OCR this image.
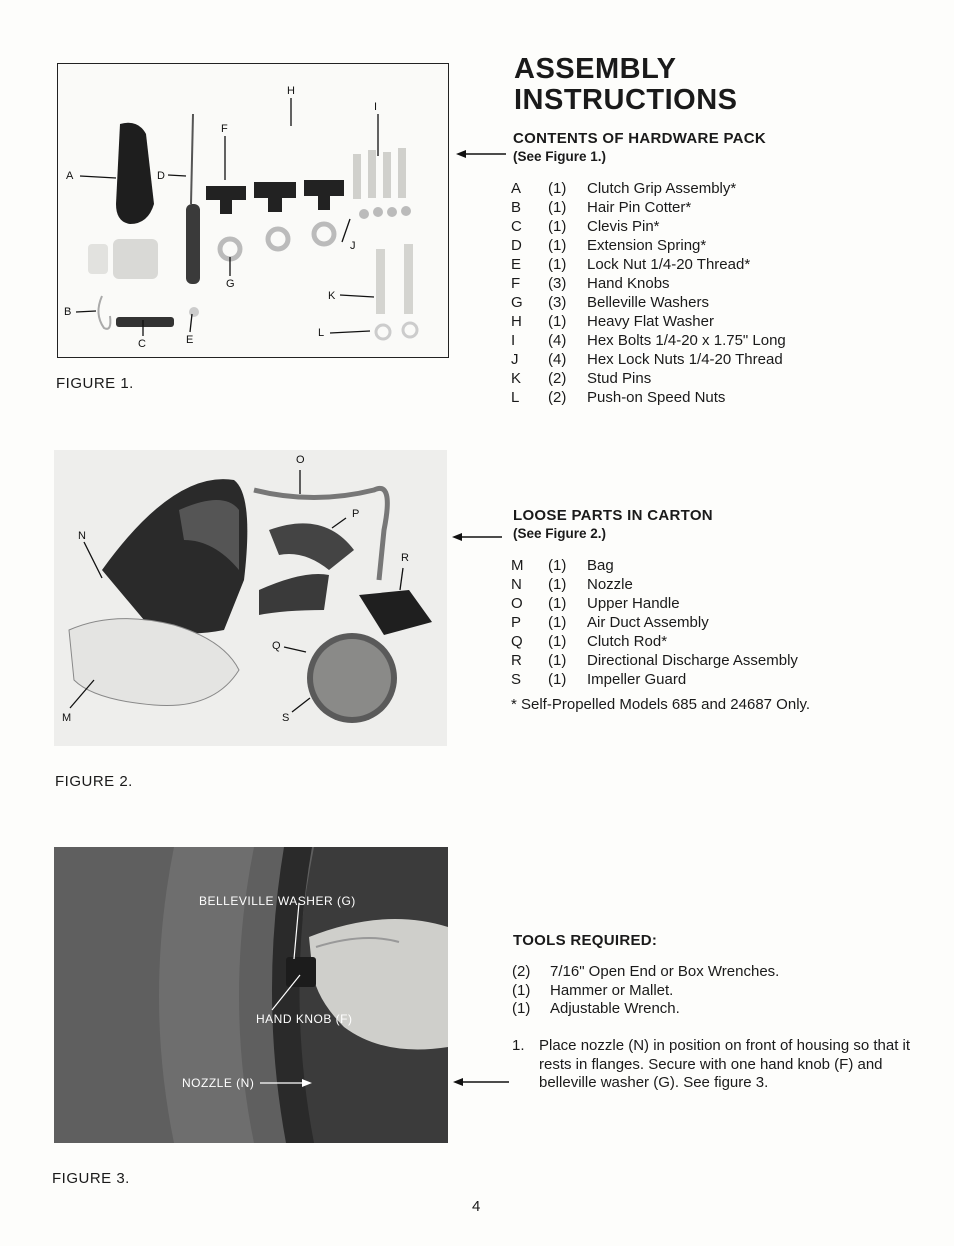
A	D
F
H
I
J
G
K
L
B
C	E
FIGURE 1.
ASSEMBLY
INSTRUCTIONS
CONTENTS OF HARDWARE PACK
(See Figure 1.)
A (1) Clutch Grip Assembly*
B (1) Hair Pin Cotter*
C (1) Clevis Pin*
D (1) Extension Spring*
E (1) Lock Nut 1/4-20 Thread*
F (3) Hand Knobs
G (3) Belleville Washers
H (1) Heavy Flat Washer
I (4) Hex Bolts 1/4-20 x 1.75" Long
J (4) Hex Lock Nuts 1/4-20 Thread
K (2) Stud Pins
L (2) Push-on Speed Nuts
O
N
P
R
Q
M	S
FIGURE 2.
LOOSE PARTS IN CARTON
(See Figure 2.)
M (1) Bag
N (1) Nozzle
O (1) Upper Handle
P (1) Air Duct Assembly
Q (1) Clutch Rod*
R (1) Directional Discharge Assembly
S (1) Impeller Guard
* Self-Propelled Models 685 and 24687 Only.
BELLEVILLE WASHER (G)
HAND KNOB (F)
NOZZLE (N)
FIGURE 3.
TOOLS REQUIRED:
(2) 7/16" Open End or Box Wrenches.
(1) Hammer or Mallet.
(1) Adjustable Wrench.
1. Place nozzle (N) in position on front of housing so that it rests in flanges. Secure with one hand knob (F) and belleville washer (G). See figure 3.
4
